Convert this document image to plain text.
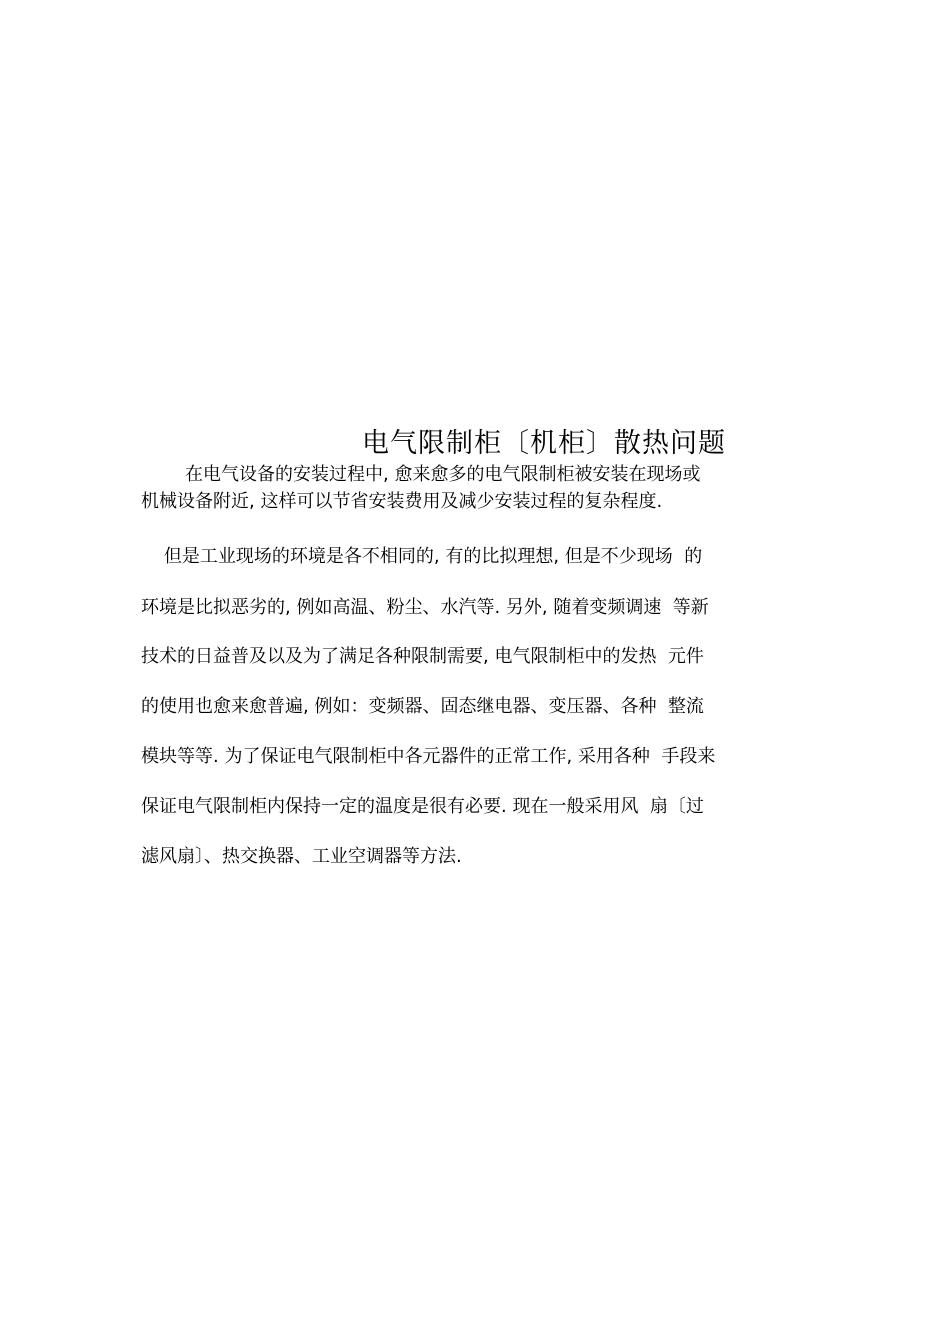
电气限制柜〔机柜〕散热问题
在电气设备的安装过程中, 愈来愈多的电气限制柜被安装在现场或
机械设备附近, 这样可以节省安装费用及减少安装过程的复杂程度.
但是工业现场的环境是各不相同的, 有的比拟理想, 但是不少现场  的
环境是比拟恶劣的, 例如高温、粉尘、水汽等. 另外, 随着变频调速  等新
技术的日益普及以及为了满足各种限制需要, 电气限制柜中的发热  元件
的使用也愈来愈普遍, 例如：变频器、固态继电器、变压器、各种  整流
模块等等. 为了保证电气限制柜中各元器件的正常工作, 采用各种  手段来
保证电气限制柜内保持一定的温度是很有必要. 现在一般采用风  扇〔过
滤风扇〕、热交换器、工业空调器等方法.
